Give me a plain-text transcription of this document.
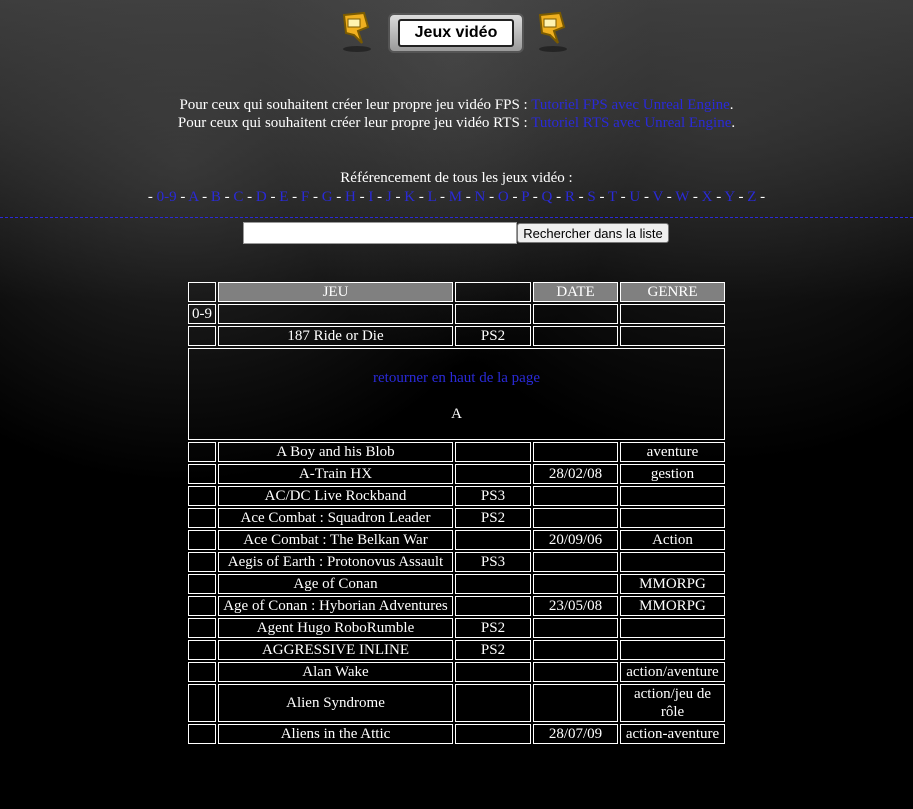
Jeux vidéo
Pour ceux qui souhaitent créer leur propre jeu vidéo FPS : Tutoriel FPS avec Unreal Engine.
Pour ceux qui souhaitent créer leur propre jeu vidéo RTS : Tutoriel RTS avec Unreal Engine.
Référencement de tous les jeux vidéo :
- 0-9 - A - B - C - D - E - F - G - H - I - J - K - L - M - N - O - P - Q - R - S - T - U - V - W - X - Y - Z -
Rechercher dans la liste
	JEU		DATE	GENRE
0-9				
	187 Ride or Die	PS2		

retourner en haut de la page
A				

	A Boy and his Blob			aventure
	A-Train HX		28/02/08	gestion
	AC/DC Live Rockband	PS3		
	Ace Combat : Squadron Leader	PS2		
	Ace Combat : The Belkan War		20/09/06	Action
	Aegis of Earth : Protonovus Assault	PS3		
	Age of Conan			MMORPG
	Age of Conan : Hyborian Adventures		23/05/08	MMORPG
	Agent Hugo RoboRumble	PS2		
	AGGRESSIVE INLINE	PS2		
	Alan Wake			action/aventure
	Alien Syndrome			action/jeu de rôle
	Aliens in the Attic		28/07/09	action-aventure
